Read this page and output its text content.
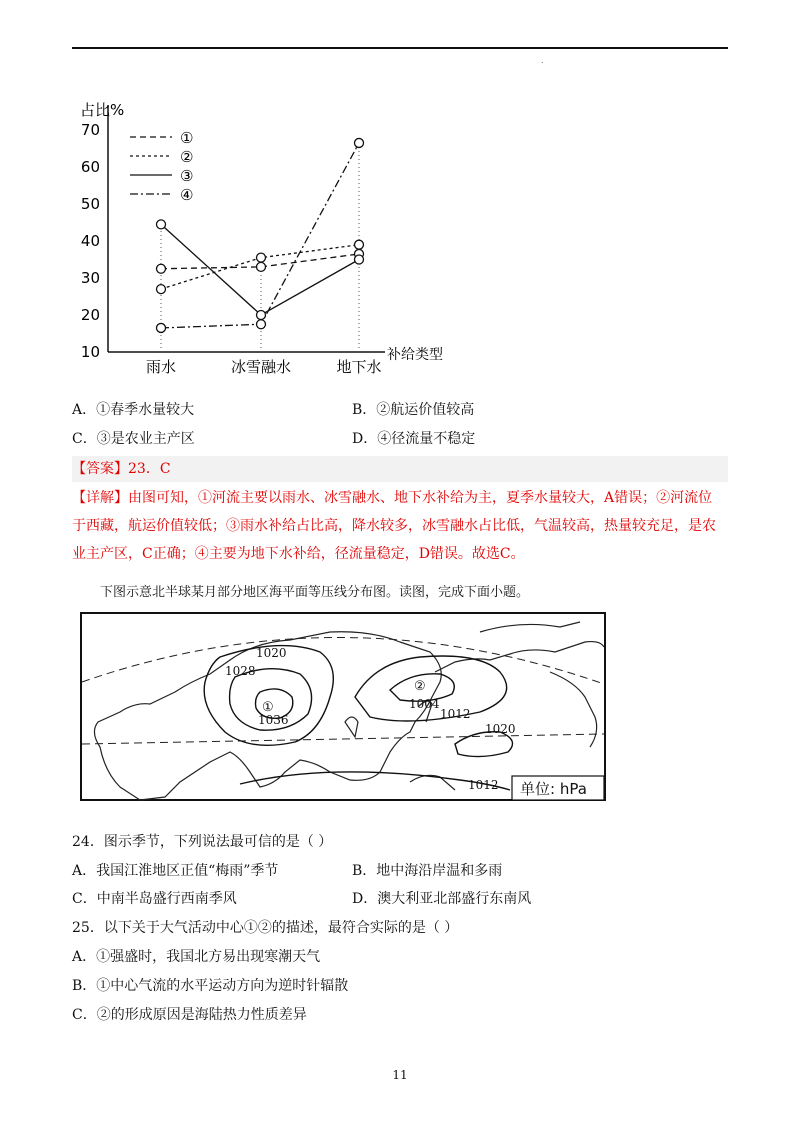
.
占比%
补给类型
10
20
30
40
50
60
70
雨水	冰雪融水	地下水
①
②
③
④
A．①春季水量较大	B．②航运价值较高
C．③是农业主产区	D．④径流量不稳定
【答案】23．C
【详解】由图可知，①河流主要以雨水、冰雪融水、地下水补给为主，夏季水量较大，A错误；②河流位
于西藏，航运价值较低；③雨水补给占比高，降水较多，冰雪融水占比低，气温较高，热量较充足，是农
业主产区，C正确；④主要为地下水补给，径流量稳定，D错误。故选C。
下图示意北半球某月部分地区海平面等压线分布图。读图，完成下面小题。
1020
1028
①
1036
②
1004
1012
1020
1012 单位: hPa
24．图示季节，下列说法最可信的是（ ）
A．我国江淮地区正值“梅雨”季节	B．地中海沿岸温和多雨
C．中南半岛盛行西南季风	D．澳大利亚北部盛行东南风
25．以下关于大气活动中心①②的描述，最符合实际的是（ ）
A．①强盛时，我国北方易出现寒潮天气
B．①中心气流的水平运动方向为逆时针辐散
C．②的形成原因是海陆热力性质差异
11
